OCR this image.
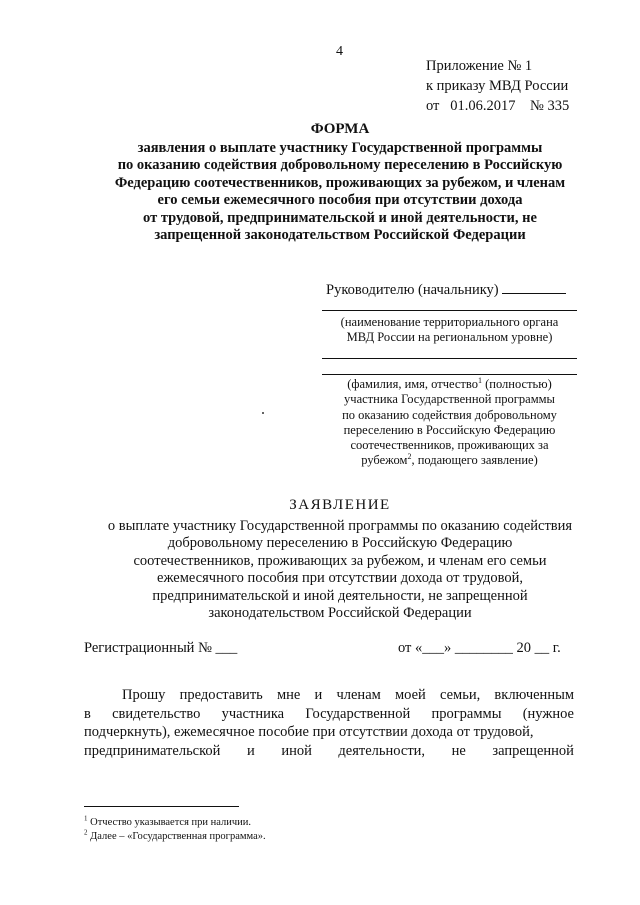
4
Приложение № 1
к приказу МВД России
от   01.06.2017    № 335
ФОРМА
заявления о выплате участнику Государственной программы
по оказанию содействия добровольному переселению в Российскую
Федерацию соотечественников, проживающих за рубежом, и членам
его семьи ежемесячного пособия при отсутствии дохода
от трудовой, предпринимательской и иной деятельности, не
запрещенной законодательством Российской Федерации
Руководителю (начальнику)
(наименование территориального органа
МВД России на региональном уровне)
(фамилия, имя, отчество$^1$ (полностью)
участника Государственной программы
по оказанию содействия добровольному
переселению в Российскую Федерацию
соотечественников, проживающих за
рубежом$^2$, подающего заявление)
ЗАЯВЛЕНИЕ
о выплате участнику Государственной программы по оказанию содействия
добровольному переселению в Российскую Федерацию
соотечественников, проживающих за рубежом, и членам его семьи
ежемесячного пособия при отсутствии дохода от трудовой,
предпринимательской и иной деятельности, не запрещенной
законодательством Российской Федерации
Регистрационный № ___	от «___» ________ 20 __ г.
Прошу предоставить мне и членам моей семьи, включенным
в свидетельство участника Государственной программы (нужное
подчеркнуть), ежемесячное пособие при отсутствии дохода от трудовой,
предпринимательской и иной деятельности, не запрещенной
$^1$ Отчество указывается при наличии.
$^2$ Далее – «Государственная программа».
